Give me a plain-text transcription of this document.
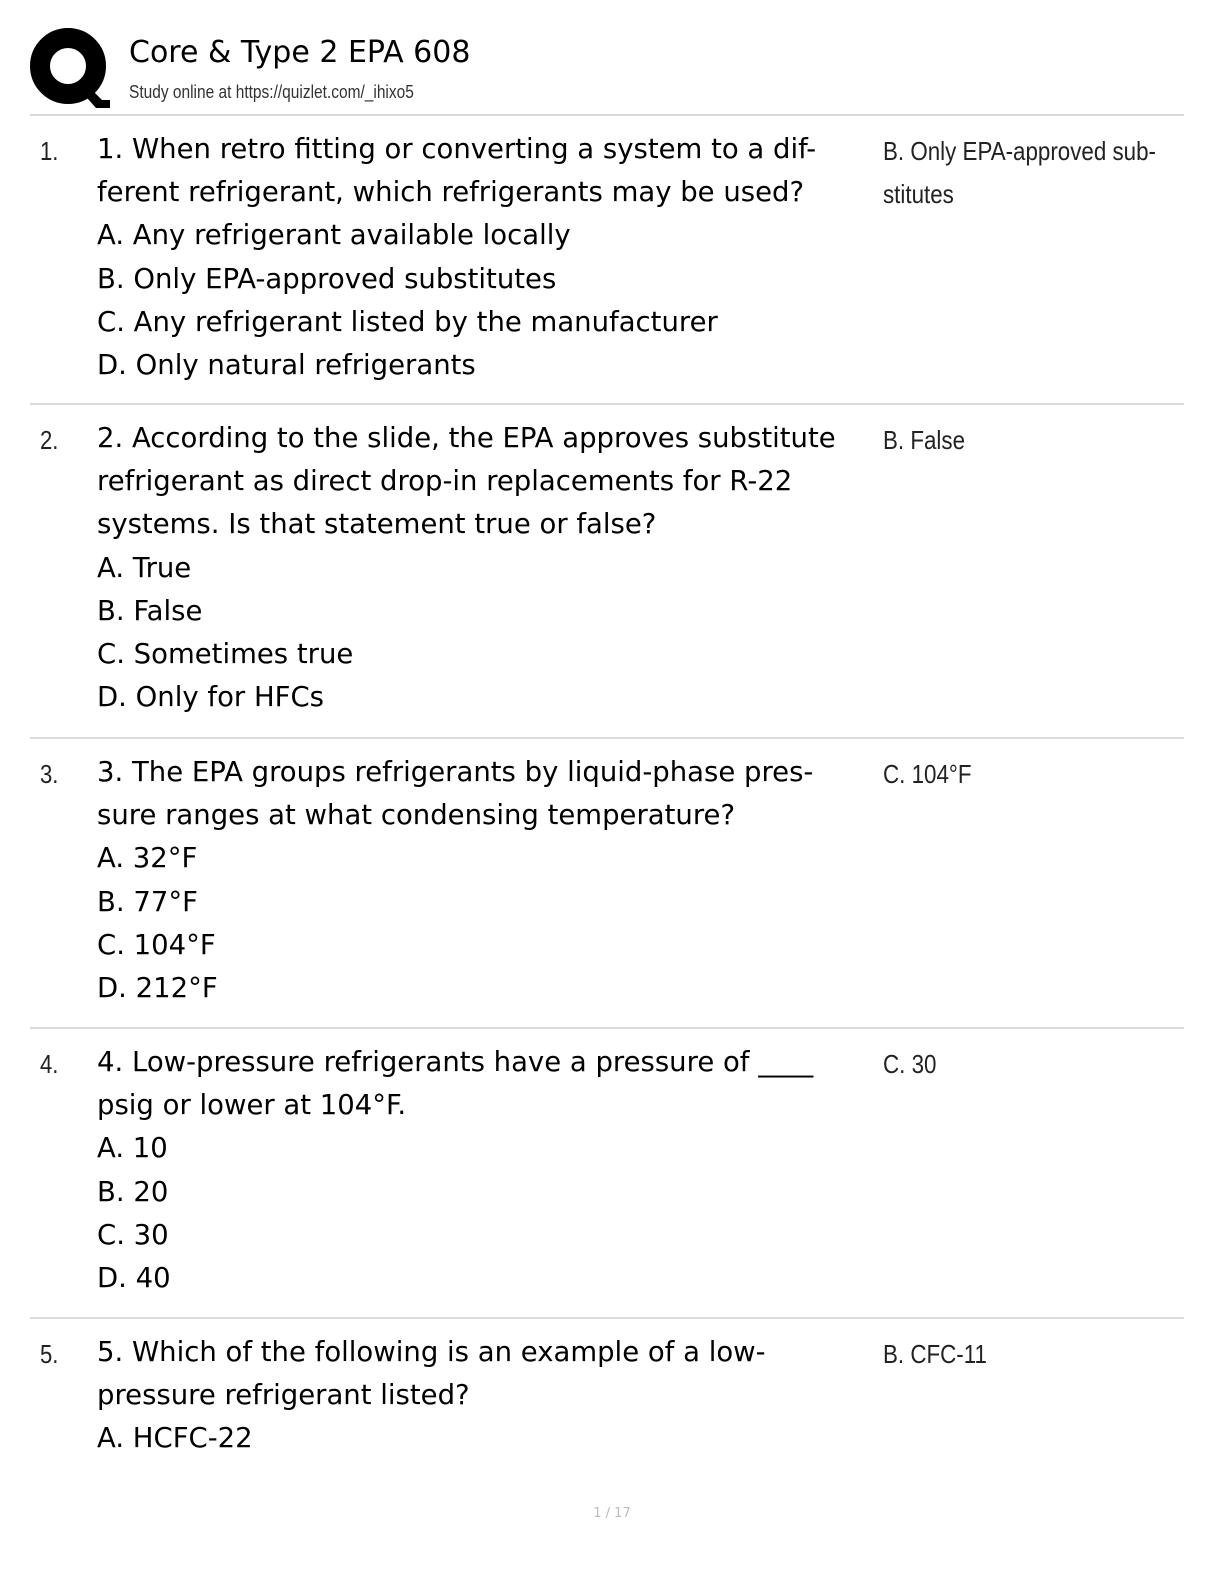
Core & Type 2 EPA 608
Study online at https://quizlet.com/_ihixo5
1. 1. When retro fitting or converting a system to a dif-
ferent refrigerant, which refrigerants may be used?
A. Any refrigerant available locally
B. Only EPA-approved substitutes
C. Any refrigerant listed by the manufacturer
D. Only natural refrigerants
B. Only EPA-approved sub-
stitutes
2. 2. According to the slide, the EPA approves substitute
refrigerant as direct drop-in replacements for R-22
systems. Is that statement true or false?
A. True
B. False
C. Sometimes true
D. Only for HFCs
B. False
3. 3. The EPA groups refrigerants by liquid-phase pres-
sure ranges at what condensing temperature?
A. 32°F
B. 77°F
C. 104°F
D. 212°F
C. 104°F
4. 4. Low-pressure refrigerants have a pressure of ____
psig or lower at 104°F.
A. 10
B. 20
C. 30
D. 40
C. 30
5. 5. Which of the following is an example of a low-
pressure refrigerant listed?
A. HCFC-22
B. CFC-11
1 / 17
